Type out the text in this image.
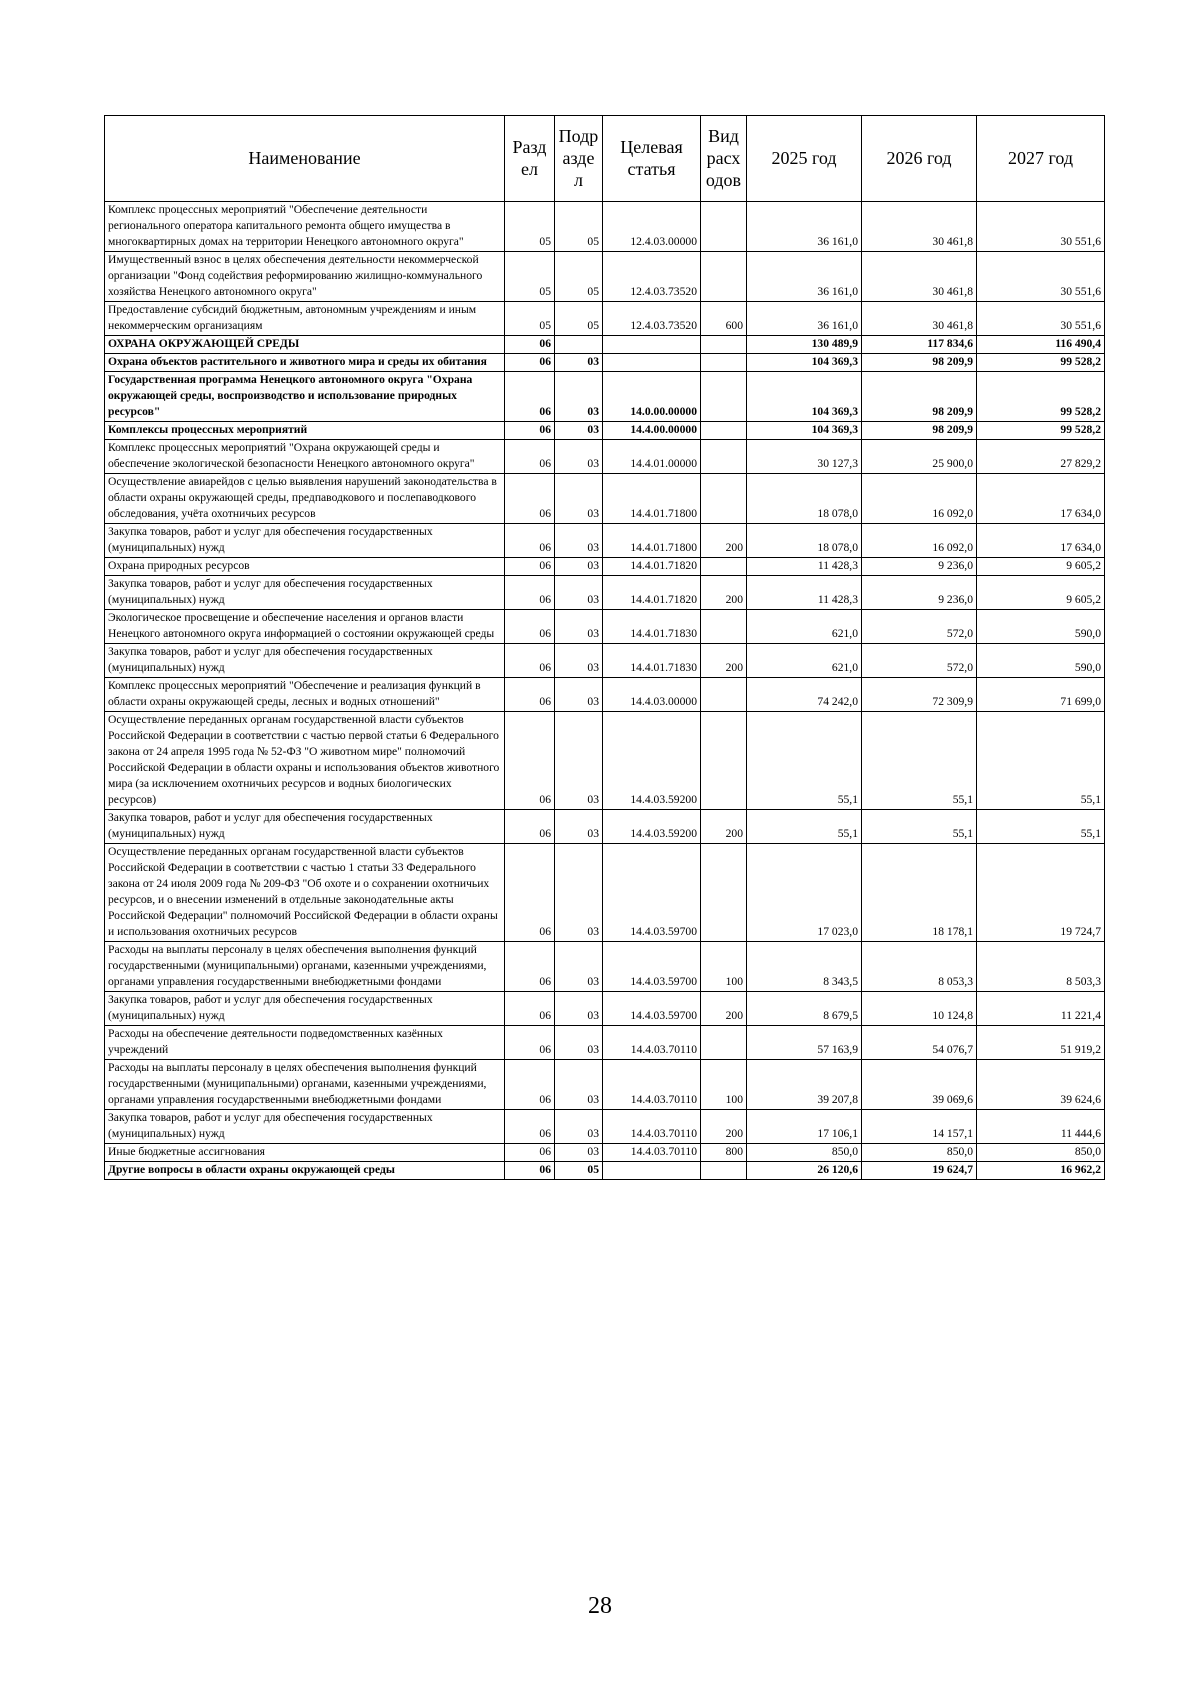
Наименование	Разд ел	Подр азде л	Целевая статья	Вид расх одов	2025 год	2026 год	2027 год
Комплекс процессных мероприятий "Обеспечение деятельности регионального оператора капитального ремонта общего имущества в многоквартирных домах на территории Ненецкого автономного округа"	05	05	12.4.03.00000		36 161,0	30 461,8	30 551,6
Имущественный взнос в целях обеспечения деятельности некоммерческой организации "Фонд содействия реформированию жилищно-коммунального хозяйства Ненецкого автономного округа"	05	05	12.4.03.73520		36 161,0	30 461,8	30 551,6
Предоставление субсидий бюджетным, автономным учреждениям и иным некоммерческим организациям	05	05	12.4.03.73520	600	36 161,0	30 461,8	30 551,6
ОХРАНА ОКРУЖАЮЩЕЙ СРЕДЫ	06				130 489,9	117 834,6	116 490,4
Охрана объектов растительного и животного мира и среды их обитания	06	03			104 369,3	98 209,9	99 528,2
Государственная программа Ненецкого автономного округа "Охрана окружающей среды, воспроизводство и использование природных ресурсов"	06	03	14.0.00.00000		104 369,3	98 209,9	99 528,2
Комплексы процессных мероприятий	06	03	14.4.00.00000		104 369,3	98 209,9	99 528,2
Комплекс процессных мероприятий "Охрана окружающей среды и обеспечение экологической безопасности Ненецкого автономного округа"	06	03	14.4.01.00000		30 127,3	25 900,0	27 829,2
Осуществление авиарейдов с целью выявления нарушений законодательства в области охраны окружающей среды, предпаводкового и послепаводкового обследования, учёта охотничьих ресурсов	06	03	14.4.01.71800		18 078,0	16 092,0	17 634,0
Закупка товаров, работ и услуг для обеспечения государственных (муниципальных) нужд	06	03	14.4.01.71800	200	18 078,0	16 092,0	17 634,0
Охрана природных ресурсов	06	03	14.4.01.71820		11 428,3	9 236,0	9 605,2
Закупка товаров, работ и услуг для обеспечения государственных (муниципальных) нужд	06	03	14.4.01.71820	200	11 428,3	9 236,0	9 605,2
Экологическое просвещение и обеспечение населения и органов власти Ненецкого автономного округа информацией о состоянии окружающей среды	06	03	14.4.01.71830		621,0	572,0	590,0
Закупка товаров, работ и услуг для обеспечения государственных (муниципальных) нужд	06	03	14.4.01.71830	200	621,0	572,0	590,0
Комплекс процессных мероприятий "Обеспечение и реализация функций в области охраны окружающей среды, лесных и водных отношений"	06	03	14.4.03.00000		74 242,0	72 309,9	71 699,0
Осуществление переданных органам государственной власти субъектов Российской Федерации в соответствии с частью первой статьи 6 Федерального закона от 24 апреля 1995 года № 52-ФЗ "О животном мире" полномочий Российской Федерации в области охраны и использования объектов животного мира (за исключением охотничьих ресурсов и водных биологических ресурсов)	06	03	14.4.03.59200		55,1	55,1	55,1
Закупка товаров, работ и услуг для обеспечения государственных (муниципальных) нужд	06	03	14.4.03.59200	200	55,1	55,1	55,1
Осуществление переданных органам государственной власти субъектов Российской Федерации в соответствии с частью 1 статьи 33 Федерального закона от 24 июля 2009 года № 209-ФЗ "Об охоте и о сохранении охотничьих ресурсов, и о внесении изменений в отдельные законодательные акты Российской Федерации" полномочий Российской Федерации в области охраны и использования охотничьих ресурсов	06	03	14.4.03.59700		17 023,0	18 178,1	19 724,7
Расходы на выплаты персоналу в целях обеспечения выполнения функций государственными (муниципальными) органами, казенными учреждениями, органами управления государственными внебюджетными фондами	06	03	14.4.03.59700	100	8 343,5	8 053,3	8 503,3
Закупка товаров, работ и услуг для обеспечения государственных (муниципальных) нужд	06	03	14.4.03.59700	200	8 679,5	10 124,8	11 221,4
Расходы на обеспечение деятельности подведомственных казённых учреждений	06	03	14.4.03.70110		57 163,9	54 076,7	51 919,2
Расходы на выплаты персоналу в целях обеспечения выполнения функций государственными (муниципальными) органами, казенными учреждениями, органами управления государственными внебюджетными фондами	06	03	14.4.03.70110	100	39 207,8	39 069,6	39 624,6
Закупка товаров, работ и услуг для обеспечения государственных (муниципальных) нужд	06	03	14.4.03.70110	200	17 106,1	14 157,1	11 444,6
Иные бюджетные ассигнования	06	03	14.4.03.70110	800	850,0	850,0	850,0
Другие вопросы в области охраны окружающей среды	06	05			26 120,6	19 624,7	16 962,2
28
